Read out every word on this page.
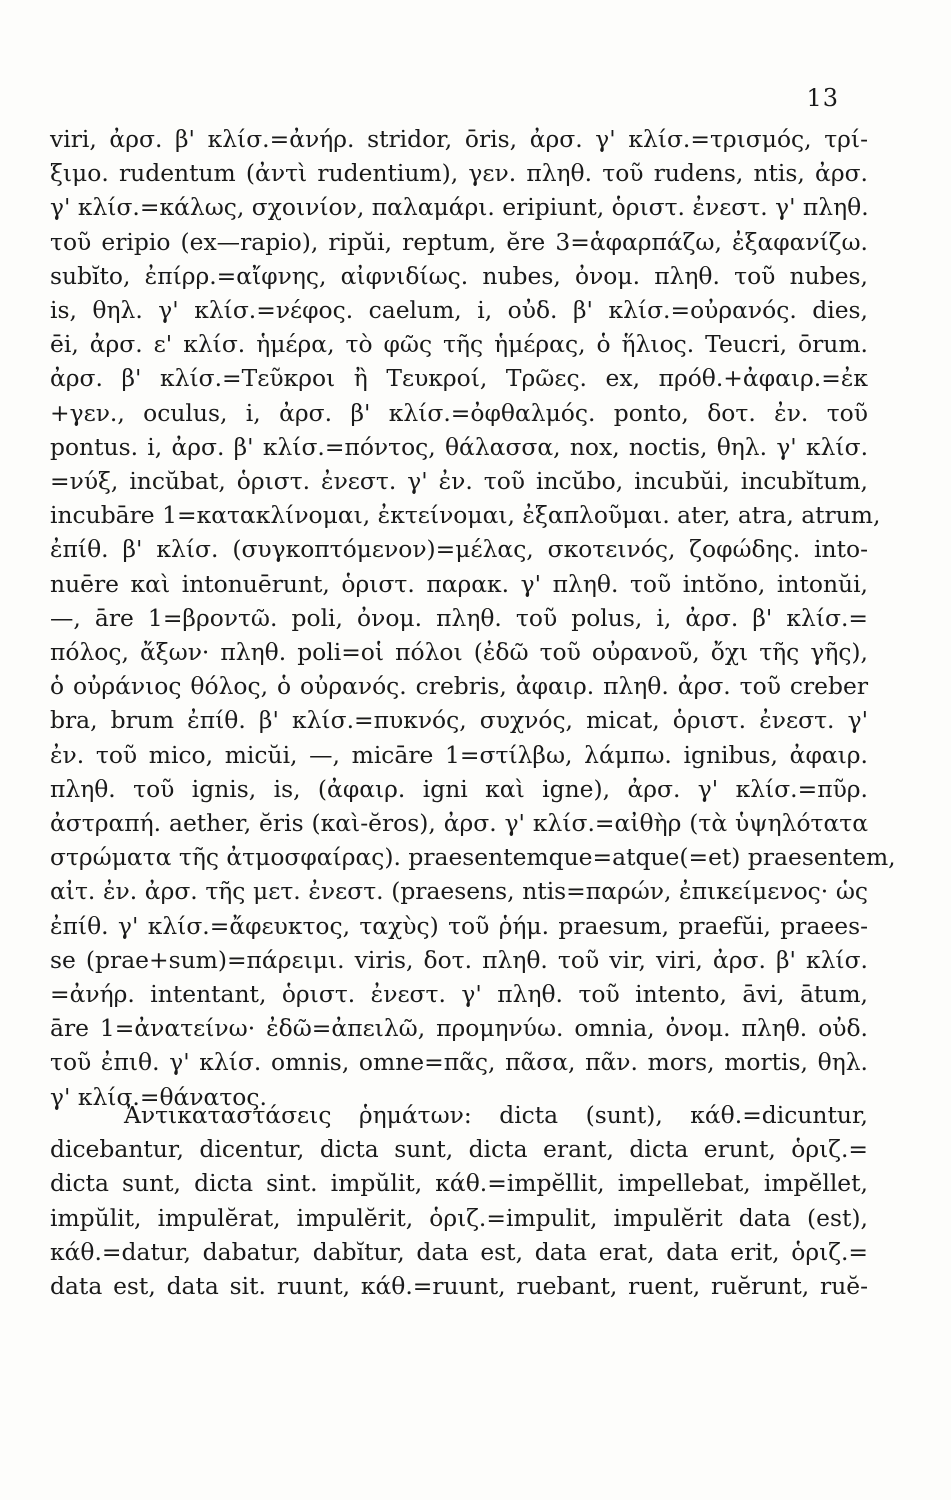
13
viri, ἀρσ. β' κλίσ.=ἀνήρ. stridor, ōris, ἀρσ. γ' κλίσ.=τρισμός, τρί-
ξιμο. rudentum (ἀντὶ rudentium), γεν. πληθ. τοῦ rudens, ntis, ἀρσ.
γ' κλίσ.=κάλως, σχοινίον, παλαμάρι. eripiunt, ὁριστ. ἐνεστ. γ' πληθ.
τοῦ eripio (ex—rapio), ripŭi, reptum, ĕre 3=ἁφαρπάζω, ἐξαφανίζω.
subĭto, ἐπίρρ.=αἴφνης, αἰφνιδίως. nubes, ὀνομ. πληθ. τοῦ nubes,
is, θηλ. γ' κλίσ.=νέφος. caelum, i, οὐδ. β' κλίσ.=οὐρανός. dies,
ēi, ἀρσ. ε' κλίσ. ἡμέρα, τὸ φῶς τῆς ἡμέρας, ὁ ἥλιος. Teucri, ōrum.
ἀρσ. β' κλίσ.=Τεῦκροι ἢ Τευκροί, Τρῶες. ex, πρόθ.+ἀφαιρ.=ἐκ
+γεν., oculus, i, ἀρσ. β' κλίσ.=ὀφθαλμός. ponto, δοτ. ἐν. τοῦ
pontus. i, ἀρσ. β' κλίσ.=πόντος, θάλασσα, nox, noctis, θηλ. γ' κλίσ.
=νύξ, incŭbat, ὁριστ. ἐνεστ. γ' ἐν. τοῦ incŭbo, incubŭi, incubĭtum,
incubāre 1=κατακλίνομαι, ἐκτείνομαι, ἐξαπλοῦμαι. ater, atra, atrum,
ἐπίθ. β' κλίσ. (συγκοπτόμενον)=μέλας, σκοτεινός, ζοφώδης. into-
nuēre καὶ intonuērunt, ὁριστ. παρακ. γ' πληθ. τοῦ intŏno, intonŭi,
—, āre 1=βροντῶ. poli, ὀνομ. πληθ. τοῦ polus, i, ἀρσ. β' κλίσ.=
πόλος, ἄξων· πληθ. poli=οἱ πόλοι (ἐδῶ τοῦ οὐρανοῦ, ὄχι τῆς γῆς),
ὁ οὐράνιος θόλος, ὁ οὐρανός. crebris, ἀφαιρ. πληθ. ἀρσ. τοῦ creber
bra, brum ἐπίθ. β' κλίσ.=πυκνός, συχνός, micat, ὁριστ. ἐνεστ. γ'
ἐν. τοῦ mico, micŭi, —, micāre 1=στίλβω, λάμπω. ignibus, ἀφαιρ.
πληθ. τοῦ ignis, is, (ἀφαιρ. igni καὶ igne), ἀρσ. γ' κλίσ.=πῦρ.
ἀστραπή. aether, ĕris (καὶ-ĕros), ἀρσ. γ' κλίσ.=αἰθὴρ (τὰ ὑψηλότατα
στρώματα τῆς ἀτμοσφαίρας). praesentemque=atque(=et) praesentem,
αἰτ. ἐν. ἀρσ. τῆς μετ. ἐνεστ. (praesens, ntis=παρών, ἐπικείμενος· ὡς
ἐπίθ. γ' κλίσ.=ἄφευκτος, ταχὺς) τοῦ ῥήμ. praesum, praefŭi, praees-
se (prae+sum)=πάρειμι. viris, δοτ. πληθ. τοῦ vir, viri, ἀρσ. β' κλίσ.
=ἀνήρ. intentant, ὁριστ. ἐνεστ. γ' πληθ. τοῦ intento, āvi, ātum,
āre 1=ἀνατείνω· ἐδῶ=ἀπειλῶ, προμηνύω. omnia, ὀνομ. πληθ. οὐδ.
τοῦ ἐπιθ. γ' κλίσ. omnis, omne=πᾶς, πᾶσα, πᾶν. mors, mortis, θηλ.
γ' κλίσ.=θάνατος.
Ἀντικαταστάσεις ῥημάτων: dicta (sunt), κάθ.=dicuntur,
dicebantur, dicentur, dicta sunt, dicta erant, dicta erunt, ὁριζ.=
dicta sunt, dicta sint. impŭlit, κάθ.=impĕllit, impellebat, impĕllet,
impŭlit, impulĕrat, impulĕrit, ὁριζ.=impulit, impulĕrit data (est),
κάθ.=datur, dabatur, dabĭtur, data est, data erat, data erit, ὁριζ.=
data est, data sit. ruunt, κάθ.=ruunt, ruebant, ruent, ruĕrunt, ruĕ-
